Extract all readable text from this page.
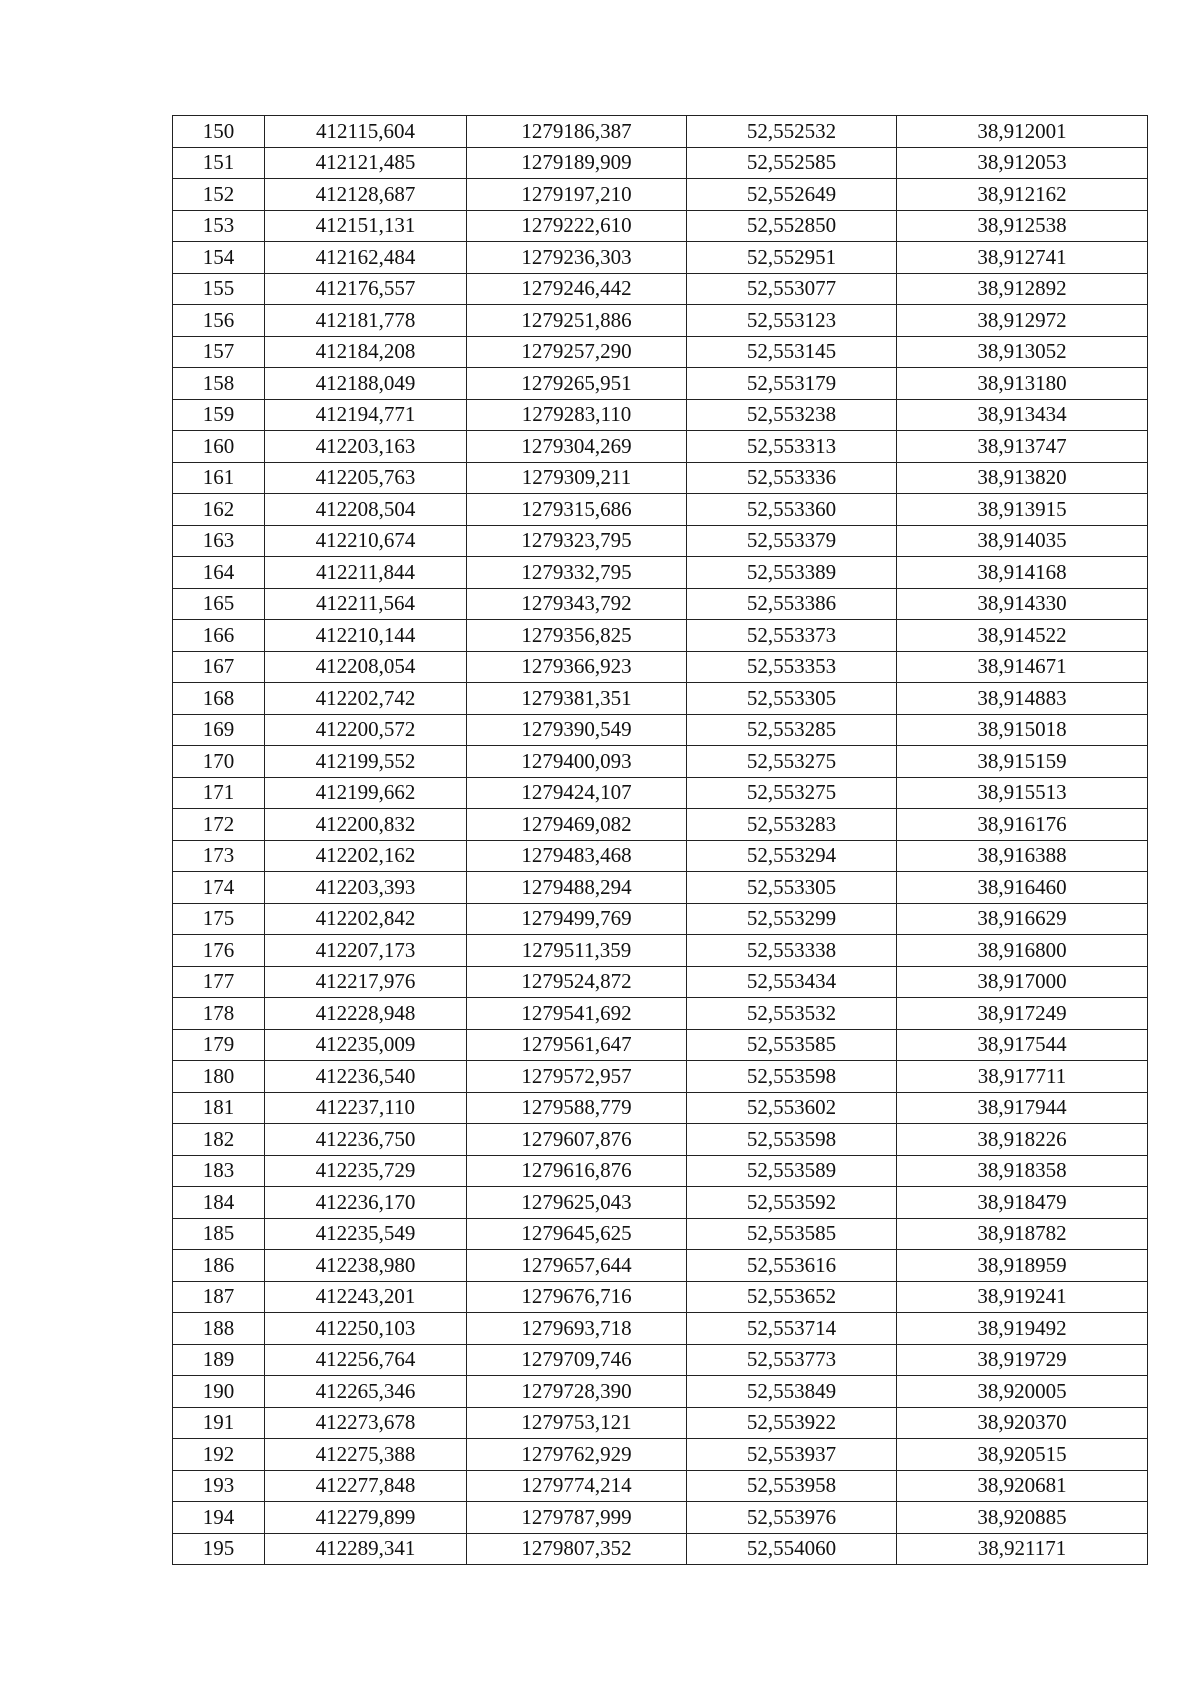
150	412115,604	1279186,387	52,552532	38,912001
151	412121,485	1279189,909	52,552585	38,912053
152	412128,687	1279197,210	52,552649	38,912162
153	412151,131	1279222,610	52,552850	38,912538
154	412162,484	1279236,303	52,552951	38,912741
155	412176,557	1279246,442	52,553077	38,912892
156	412181,778	1279251,886	52,553123	38,912972
157	412184,208	1279257,290	52,553145	38,913052
158	412188,049	1279265,951	52,553179	38,913180
159	412194,771	1279283,110	52,553238	38,913434
160	412203,163	1279304,269	52,553313	38,913747
161	412205,763	1279309,211	52,553336	38,913820
162	412208,504	1279315,686	52,553360	38,913915
163	412210,674	1279323,795	52,553379	38,914035
164	412211,844	1279332,795	52,553389	38,914168
165	412211,564	1279343,792	52,553386	38,914330
166	412210,144	1279356,825	52,553373	38,914522
167	412208,054	1279366,923	52,553353	38,914671
168	412202,742	1279381,351	52,553305	38,914883
169	412200,572	1279390,549	52,553285	38,915018
170	412199,552	1279400,093	52,553275	38,915159
171	412199,662	1279424,107	52,553275	38,915513
172	412200,832	1279469,082	52,553283	38,916176
173	412202,162	1279483,468	52,553294	38,916388
174	412203,393	1279488,294	52,553305	38,916460
175	412202,842	1279499,769	52,553299	38,916629
176	412207,173	1279511,359	52,553338	38,916800
177	412217,976	1279524,872	52,553434	38,917000
178	412228,948	1279541,692	52,553532	38,917249
179	412235,009	1279561,647	52,553585	38,917544
180	412236,540	1279572,957	52,553598	38,917711
181	412237,110	1279588,779	52,553602	38,917944
182	412236,750	1279607,876	52,553598	38,918226
183	412235,729	1279616,876	52,553589	38,918358
184	412236,170	1279625,043	52,553592	38,918479
185	412235,549	1279645,625	52,553585	38,918782
186	412238,980	1279657,644	52,553616	38,918959
187	412243,201	1279676,716	52,553652	38,919241
188	412250,103	1279693,718	52,553714	38,919492
189	412256,764	1279709,746	52,553773	38,919729
190	412265,346	1279728,390	52,553849	38,920005
191	412273,678	1279753,121	52,553922	38,920370
192	412275,388	1279762,929	52,553937	38,920515
193	412277,848	1279774,214	52,553958	38,920681
194	412279,899	1279787,999	52,553976	38,920885
195	412289,341	1279807,352	52,554060	38,921171
